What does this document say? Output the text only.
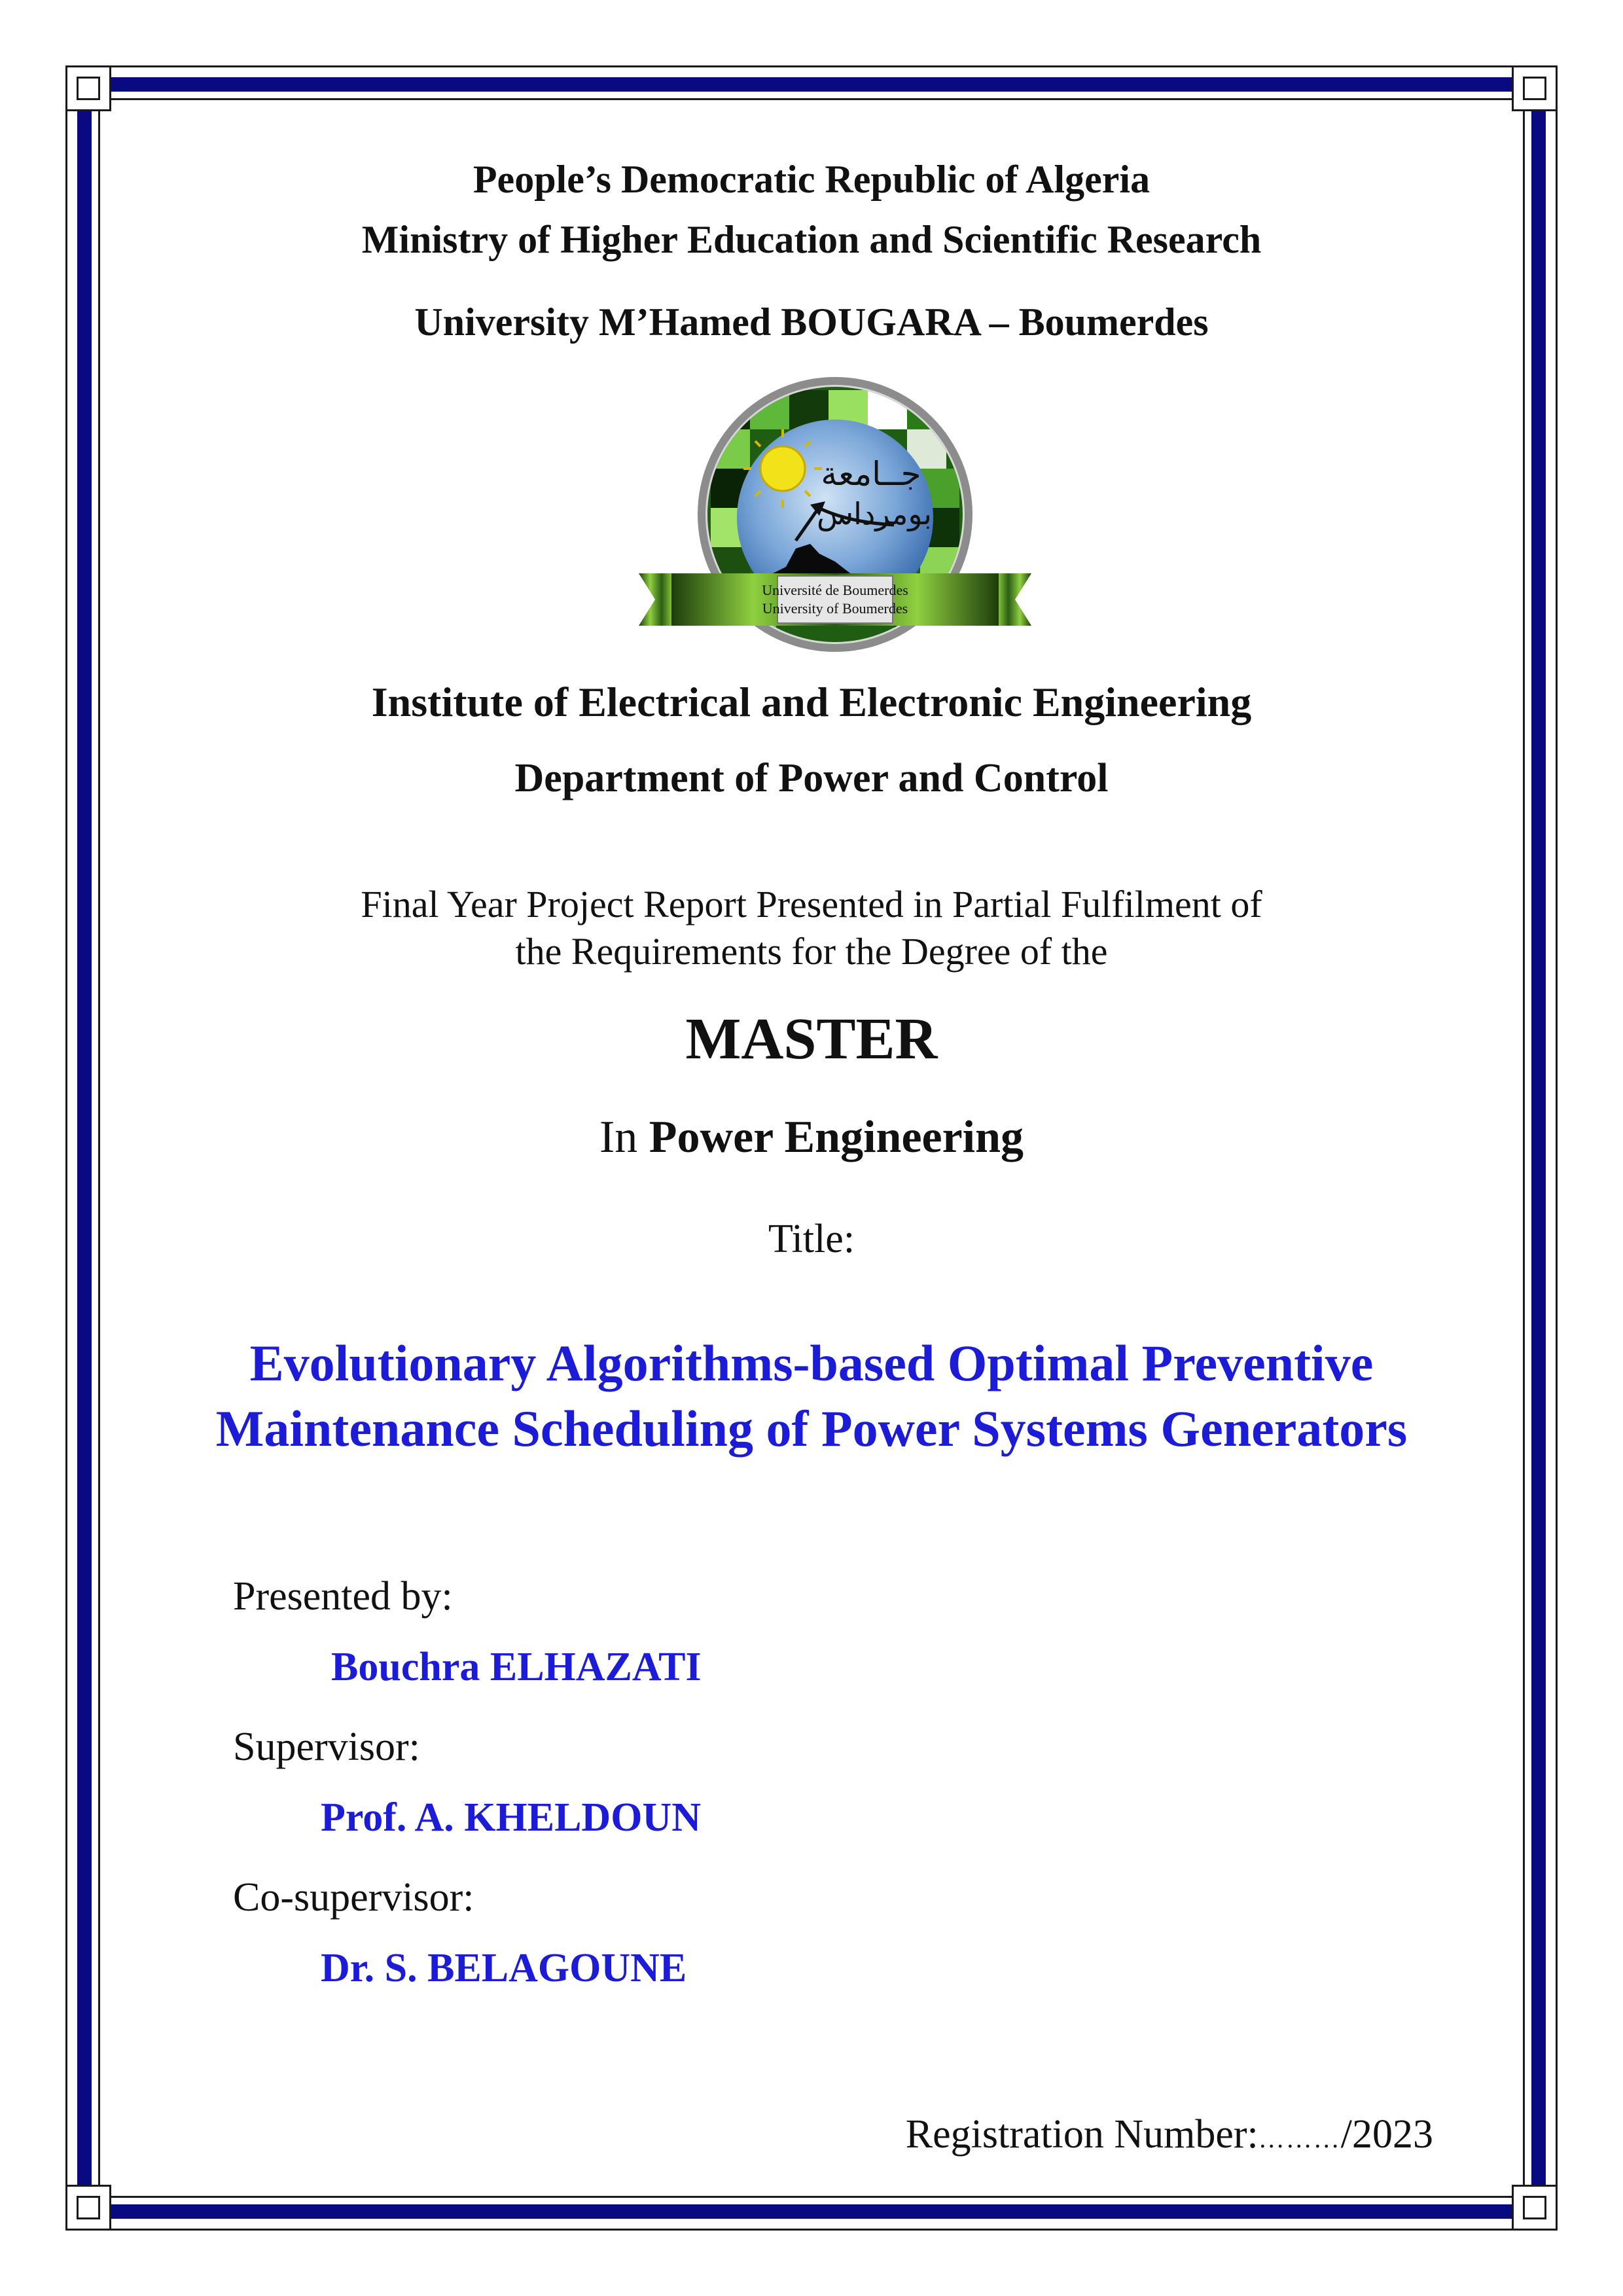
People’s Democratic Republic of Algeria
Ministry of Higher Education and Scientific Research
University M’Hamed BOUGARA – Boumerdes
جــامعة
بومرداس
Université de Boumerdes
University of Boumerdes
Institute of Electrical and Electronic Engineering
Department of Power and Control
Final Year Project Report Presented in Partial Fulfilment of
the Requirements for the Degree of the
MASTER
In Power Engineering
Title:
Evolutionary Algorithms-based Optimal Preventive
Maintenance Scheduling of Power Systems Generators
Presented by:
Bouchra ELHAZATI
Supervisor:
Prof. A. KHELDOUN
Co-supervisor:
Dr. S. BELAGOUNE
Registration Number:………/2023
